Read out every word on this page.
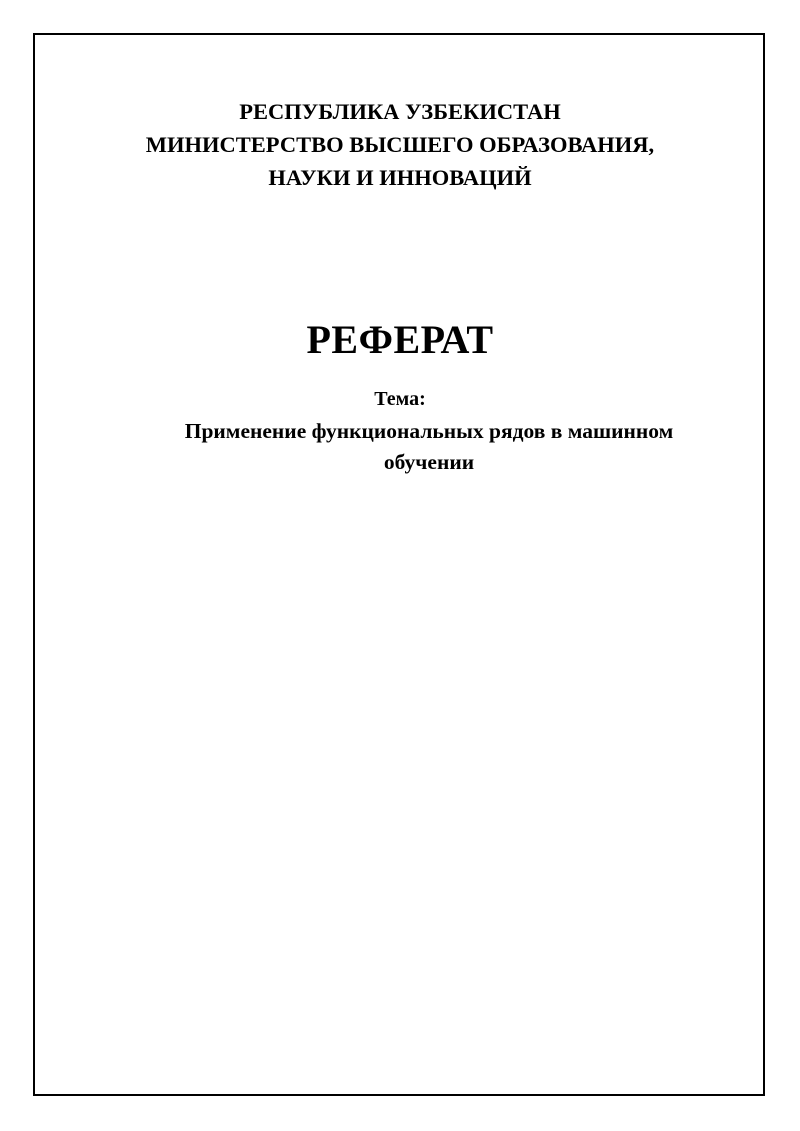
РЕСПУБЛИКА УЗБЕКИСТАН
МИНИСТЕРСТВО ВЫСШЕГО ОБРАЗОВАНИЯ,
НАУКИ И ИННОВАЦИЙ
РЕФЕРАТ
Тема:
Применение функциональных рядов в машинном обучении
